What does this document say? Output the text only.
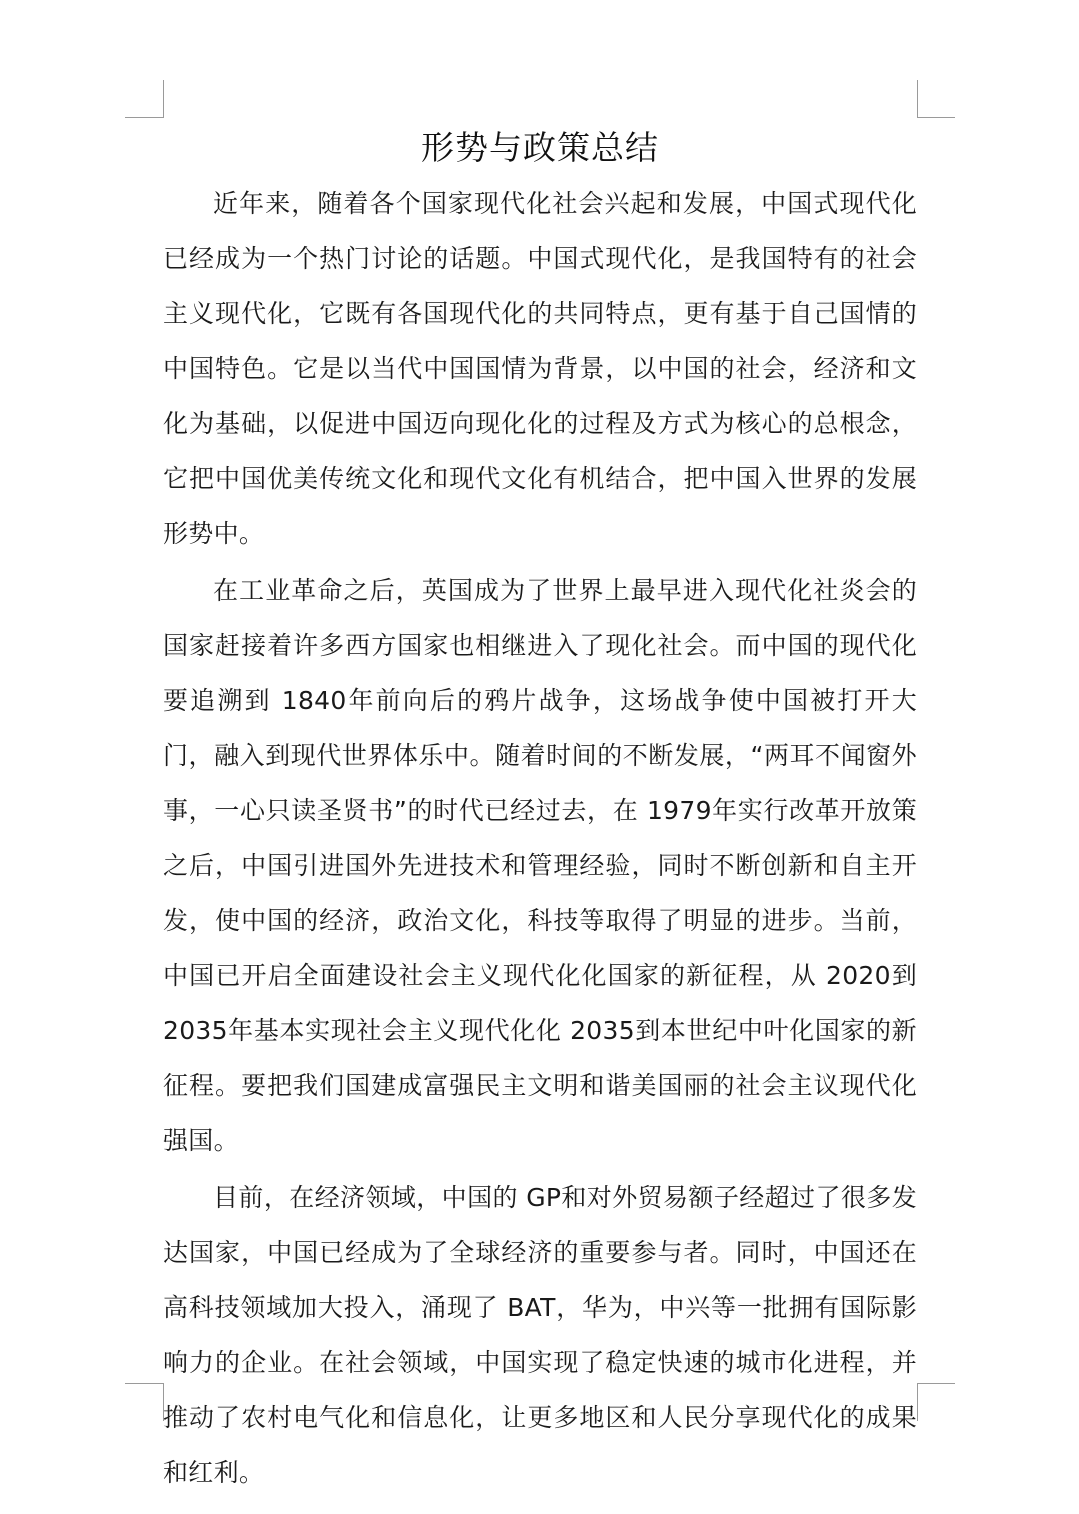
形势与政策总结

近年来，随着各个国家现代化社会兴起和发展，中国式现代化已经成为一个热门讨论的话题。中国式现代化，是我国特有的社会主义现代化，它既有各国现代化的共同特点，更有基于自己国情的中国特色。它是以当代中国国情为背景，以中国的社会，经济和文化为基础，以促进中国迈向现化化的过程及方式为核心的总根念，它把中国优美传统文化和现代文化有机结合，把中国入世界的发展形势中。

在工业革命之后，英国成为了世界上最早进入现代化社炎会的国家赶接着许多西方国家也相继进入了现化社会。而中国的现代化要追溯到 1840年前向后的鸦片战争，这场战争使中国被打开大门，融入到现代世界体乐中。随着时间的不断发展，“两耳不闻窗外事，一心只读圣贤书”的时代已经过去，在 1979年实行改革开放策之后，中国引进国外先进技术和管理经验，同时不断创新和自主开发，使中国的经济，政治文化，科技等取得了明显的进步。当前，中国已开启全面建设社会主义现代化化国家的新征程，从 2020到 2035年基本实现社会主义现代化化 2035到本世纪中叶化国家的新征程。要把我们国建成富强民主文明和谐美国丽的社会主议现代化强国。

目前，在经济领域，中国的 GP和对外贸易额子经超过了很多发达国家，中国已经成为了全球经济的重要参与者。同时，中国还在高科技领域加大投入，涌现了 BAT，华为，中兴等一批拥有国际影响力的企业。在社会领域，中国实现了稳定快速的城市化进程，并推动了农村电气化和信息化，让更多地区和人民分享现代化的成果和红利。
